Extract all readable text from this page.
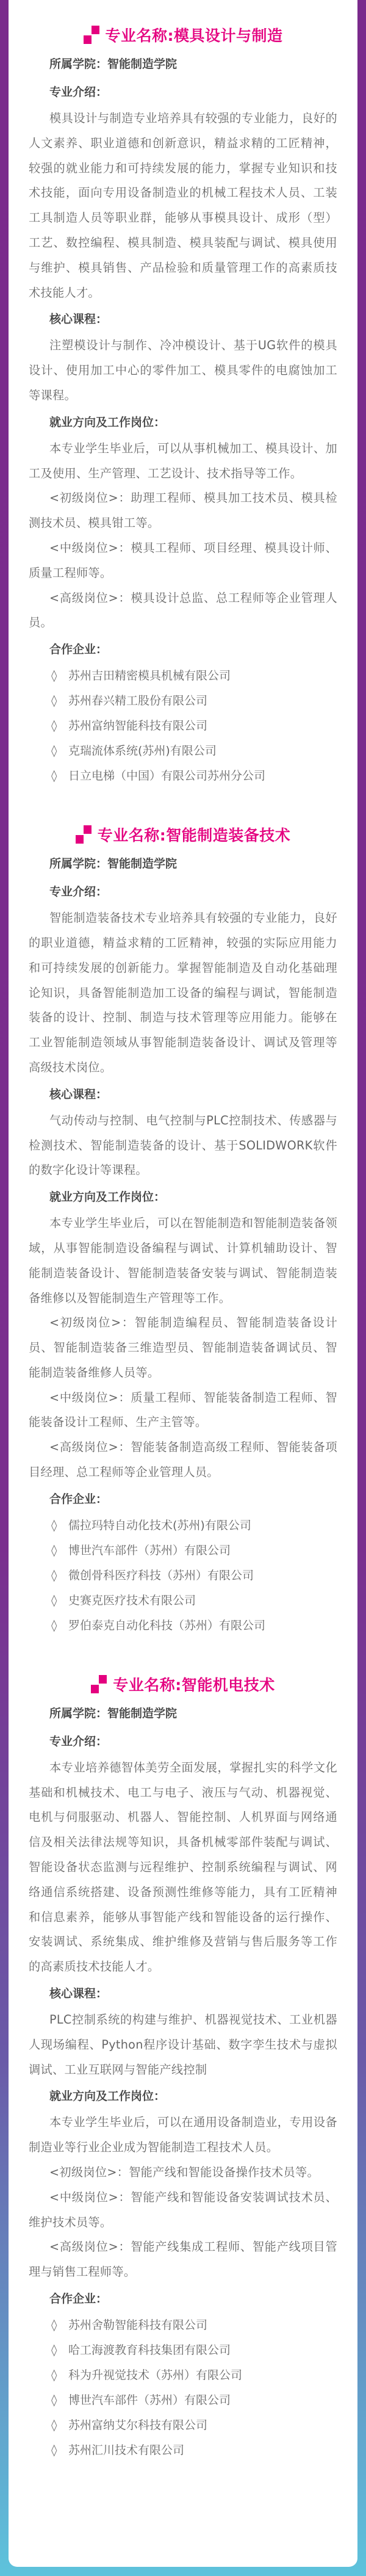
专业名称:模具设计与制造
所属学院：智能制造学院
专业介绍：

模具设计与制造专业培养具有较强的专业能力，良好的人文素养、职业道德和创新意识，精益求精的工匠精神，较强的就业能力和可持续发展的能力，掌握专业知识和技术技能，面向专用设备制造业的机械工程技术人员、工装工具制造人员等职业群，能够从事模具设计、成形（型）工艺、数控编程、模具制造、模具装配与调试、模具使用与维护、模具销售、产品检验和质量管理工作的高素质技术技能人才。

核心课程：

注塑模设计与制作、冷冲模设计、基于UG软件的模具设计、使用加工中心的零件加工、模具零件的电腐蚀加工等课程。

就业方向及工作岗位：

本专业学生毕业后，可以从事机械加工、模具设计、加工及使用、生产管理、工艺设计、技术指导等工作。

<初级岗位>：助理工程师、模具加工技术员、模具检测技术员、模具钳工等。

<中级岗位>：模具工程师、项目经理、模具设计师、质量工程师等。

<高级岗位>：模具设计总监、总工程师等企业管理人员。

合作企业：
◊ 苏州吉田精密模具机械有限公司
◊ 苏州春兴精工股份有限公司
◊ 苏州富纳智能科技有限公司
◊ 克瑞流体系统(苏州)有限公司
◊ 日立电梯（中国）有限公司苏州分公司
专业名称:智能制造装备技术
所属学院：智能制造学院
专业介绍：

智能制造装备技术专业培养具有较强的专业能力，良好的职业道德，精益求精的工匠精神，较强的实际应用能力和可持续发展的创新能力。掌握智能制造及自动化基础理论知识，具备智能制造加工设备的编程与调试，智能制造装备的设计、控制、制造与技术管理等应用能力。能够在工业智能制造领域从事智能制造装备设计、调试及管理等高级技术岗位。

核心课程：

气动传动与控制、电气控制与PLC控制技术、传感器与检测技术、智能制造装备的设计、基于SOLIDWORK软件的数字化设计等课程。

就业方向及工作岗位：

本专业学生毕业后，可以在智能制造和智能制造装备领域，从事智能制造设备编程与调试、计算机辅助设计、智能制造装备设计、智能制造装备安装与调试、智能制造装备维修以及智能制造生产管理等工作。

<初级岗位>：智能制造编程员、智能制造装备设计员、智能制造装备三维造型员、智能制造装备调试员、智能制造装备维修人员等。

<中级岗位>：质量工程师、智能装备制造工程师、智能装备设计工程师、生产主管等。

<高级岗位>：智能装备制造高级工程师、智能装备项目经理、总工程师等企业管理人员。

合作企业：
◊ 儒拉玛特自动化技术(苏州)有限公司
◊ 博世汽车部件（苏州）有限公司
◊ 微创骨科医疗科技（苏州）有限公司
◊ 史赛克医疗技术有限公司
◊ 罗伯泰克自动化科技（苏州）有限公司
专业名称:智能机电技术
所属学院：智能制造学院
专业介绍：

本专业培养德智体美劳全面发展，掌握扎实的科学文化基础和机械技术、电工与电子、液压与气动、机器视觉、电机与伺服驱动、机器人、智能控制、人机界面与网络通信及相关法律法规等知识，具备机械零部件装配与调试、智能设备状态监测与远程维护、控制系统编程与调试、网络通信系统搭建、设备预测性维修等能力，具有工匠精神和信息素养，能够从事智能产线和智能设备的运行操作、安装调试、系统集成、维护维修及营销与售后服务等工作的高素质技术技能人才。

核心课程：

PLC控制系统的构建与维护、机器视觉技术、工业机器人现场编程、Python程序设计基础、数字孪生技术与虚拟调试、工业互联网与智能产线控制

就业方向及工作岗位：

本专业学生毕业后，可以在通用设备制造业，专用设备制造业等行业企业成为智能制造工程技术人员。

<初级岗位>：智能产线和智能设备操作技术员等。

<中级岗位>：智能产线和智能设备安装调试技术员、维护技术员等。

<高级岗位>：智能产线集成工程师、智能产线项目管理与销售工程师等。

合作企业：
◊ 苏州舍勒智能科技有限公司
◊ 哈工海渡教育科技集团有限公司
◊ 科为升视觉技术（苏州）有限公司
◊ 博世汽车部件（苏州）有限公司
◊ 苏州富纳艾尔科技有限公司
◊ 苏州汇川技术有限公司
